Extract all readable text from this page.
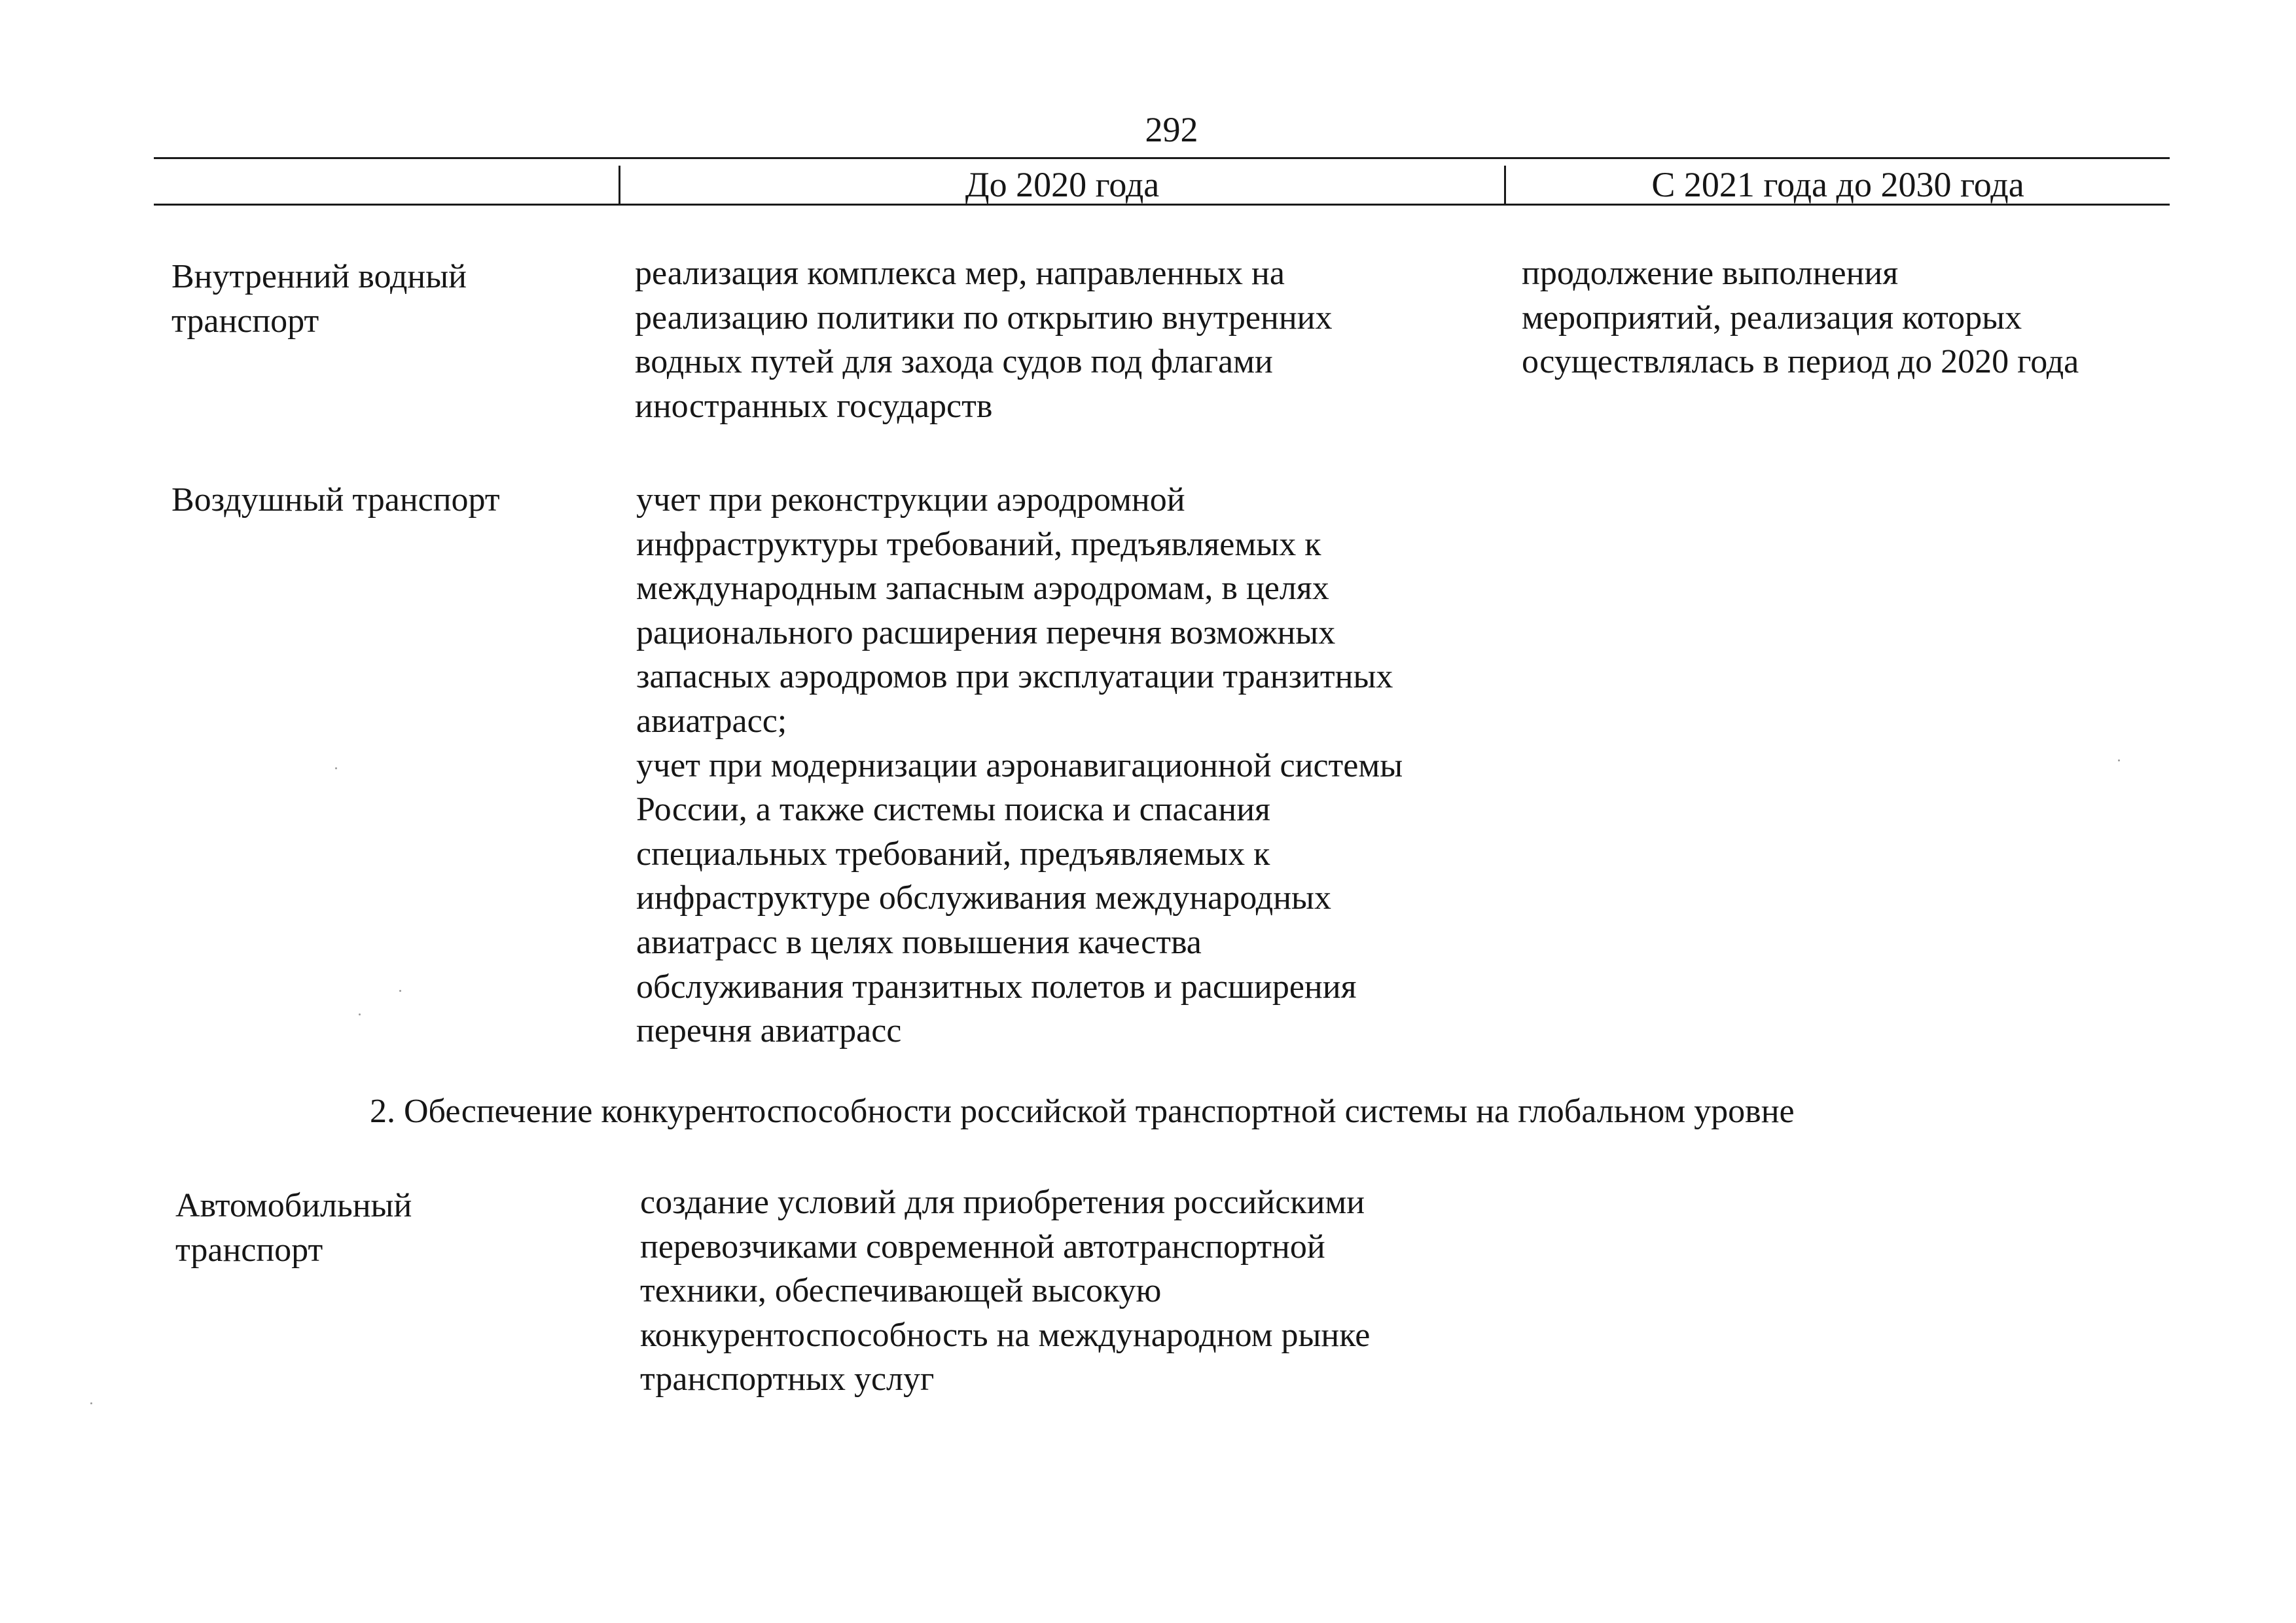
292
До 2020 года	С 2021 года до 2030 года
Внутренний водный
транспорт
реализация комплекса мер, направленных на
реализацию политики по открытию внутренних
водных путей для захода судов под флагами
иностранных государств
продолжение выполнения
мероприятий, реализация которых
осуществлялась в период до 2020 года
Воздушный транспорт	учет при реконструкции аэродромной
инфраструктуры требований, предъявляемых к
международным запасным аэродромам, в целях
рационального расширения перечня возможных
запасных аэродромов при эксплуатации транзитных
авиатрасс;
учет при модернизации аэронавигационной системы
России, а также системы поиска и спасания
специальных требований, предъявляемых к
инфраструктуре обслуживания международных
авиатрасс в целях повышения качества
обслуживания транзитных полетов и расширения
перечня авиатрасс
2. Обеспечение конкурентоспособности российской транспортной системы на глобальном уровне
Автомобильный
транспорт
создание условий для приобретения российскими
перевозчиками современной автотранспортной
техники, обеспечивающей высокую
конкурентоспособность на международном рынке
транспортных услуг
